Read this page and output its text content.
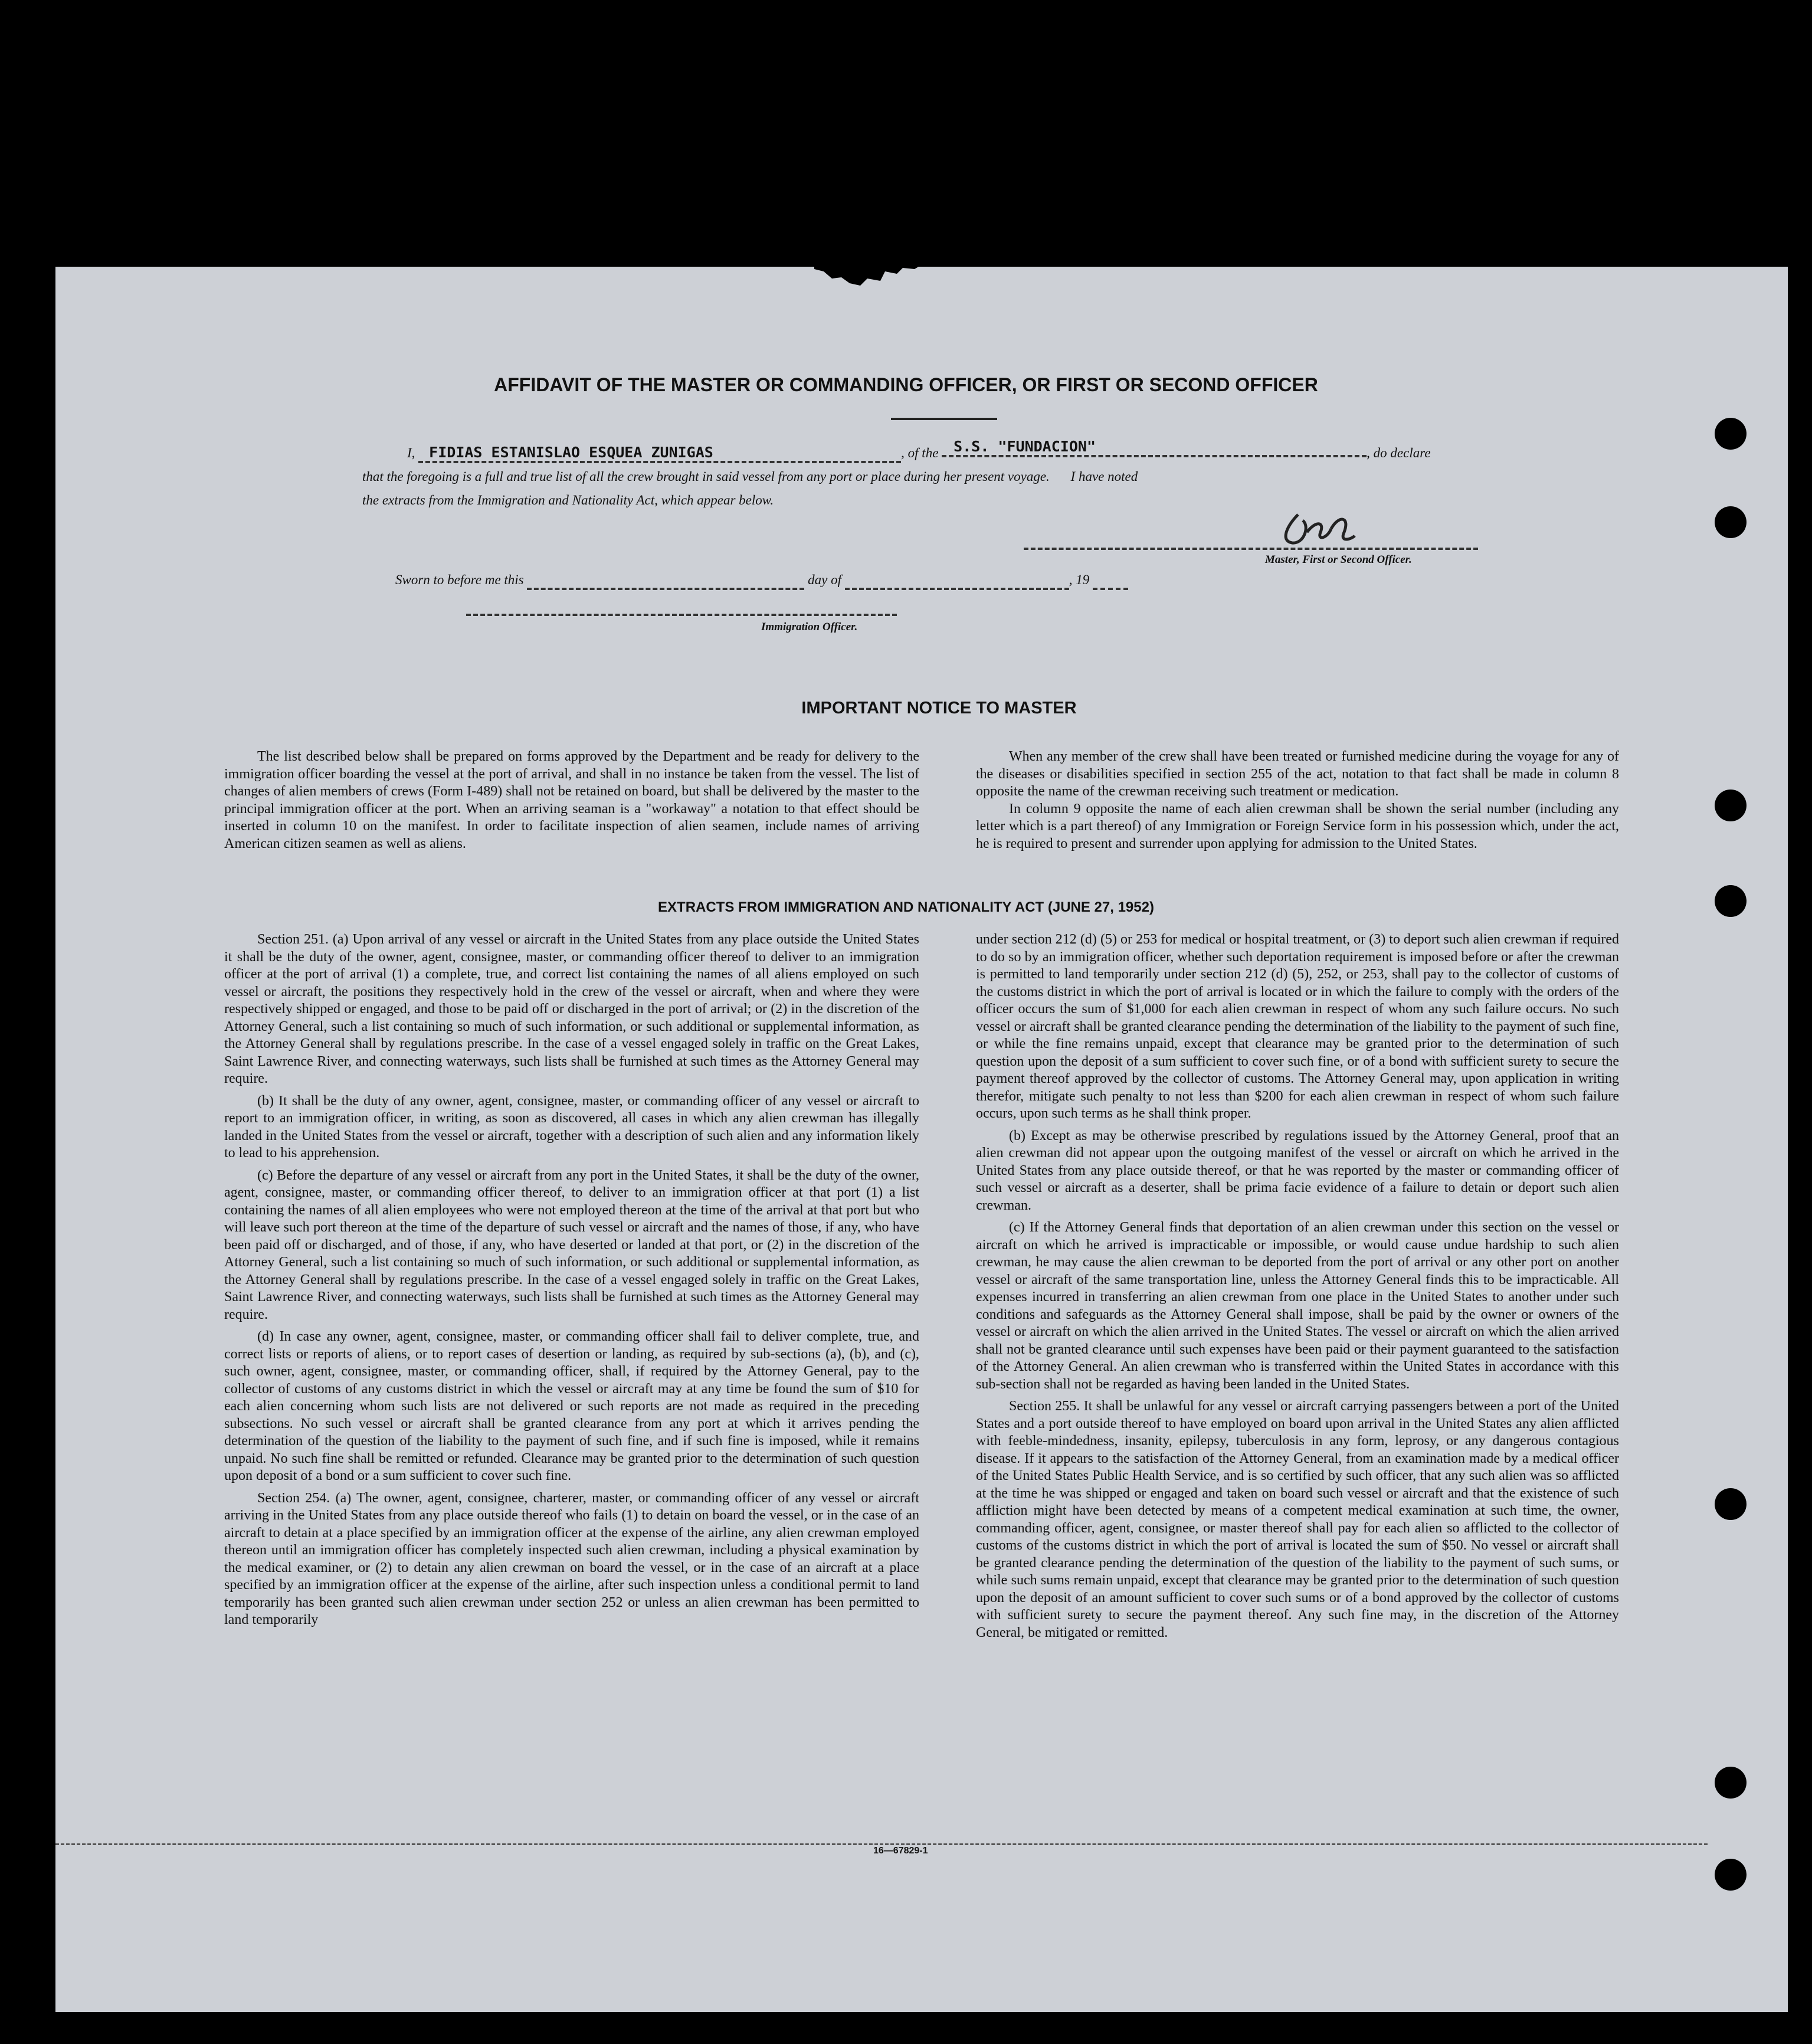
AFFIDAVIT OF THE MASTER OR COMMANDING OFFICER, OR FIRST OR SECOND OFFICER
I, FIDIAS ESTANISLAO ESQUEA ZUNIGAS	, of the S.S. "FUNDACION"	, do declare
that the foregoing is a full and true list of all the crew brought in said vessel from any port or place during her present voyage. I have noted
the extracts from the Immigration and Nationality Act, which appear below.
Master, First or Second Officer.
Sworn to before me this	day of	, 19
Immigration Officer.
IMPORTANT NOTICE TO MASTER

The list described below shall be prepared on forms approved by the Department and be ready for delivery to the immigration officer boarding the vessel at the port of arrival, and shall in no instance be taken from the vessel. The list of changes of alien members of crews (Form I-489) shall not be retained on board, but shall be delivered by the master to the principal immigration officer at the port. When an arriving seaman is a "workaway" a notation to that effect should be inserted in column 10 on the manifest. In order to facilitate inspection of alien seamen, include names of arriving American citizen seamen as well as aliens.

When any member of the crew shall have been treated or furnished medicine during the voyage for any of the diseases or disabilities specified in section 255 of the act, notation to that fact shall be made in column 8 opposite the name of the crewman receiving such treatment or medication.

In column 9 opposite the name of each alien crewman shall be shown the serial number (including any letter which is a part thereof) of any Immigration or Foreign Service form in his possession which, under the act, he is required to present and surrender upon applying for admission to the United States.

EXTRACTS FROM IMMIGRATION AND NATIONALITY ACT (JUNE 27, 1952)

Section 251. (a) Upon arrival of any vessel or aircraft in the United States from any place outside the United States it shall be the duty of the owner, agent, consignee, master, or commanding officer thereof to deliver to an immigration officer at the port of arrival (1) a complete, true, and correct list containing the names of all aliens employed on such vessel or aircraft, the positions they respectively hold in the crew of the vessel or aircraft, when and where they were respectively shipped or engaged, and those to be paid off or discharged in the port of arrival; or (2) in the discretion of the Attorney General, such a list containing so much of such information, or such additional or supplemental information, as the Attorney General shall by regulations prescribe. In the case of a vessel engaged solely in traffic on the Great Lakes, Saint Lawrence River, and connecting waterways, such lists shall be furnished at such times as the Attorney General may require.

(b) It shall be the duty of any owner, agent, consignee, master, or commanding officer of any vessel or aircraft to report to an immigration officer, in writing, as soon as discovered, all cases in which any alien crewman has illegally landed in the United States from the vessel or aircraft, together with a description of such alien and any information likely to lead to his apprehension.

(c) Before the departure of any vessel or aircraft from any port in the United States, it shall be the duty of the owner, agent, consignee, master, or commanding officer thereof, to deliver to an immigration officer at that port (1) a list containing the names of all alien employees who were not employed thereon at the time of the arrival at that port but who will leave such port thereon at the time of the departure of such vessel or aircraft and the names of those, if any, who have been paid off or discharged, and of those, if any, who have deserted or landed at that port, or (2) in the discretion of the Attorney General, such a list containing so much of such information, or such additional or supplemental information, as the Attorney General shall by regulations prescribe. In the case of a vessel engaged solely in traffic on the Great Lakes, Saint Lawrence River, and connecting waterways, such lists shall be furnished at such times as the Attorney General may require.

(d) In case any owner, agent, consignee, master, or commanding officer shall fail to deliver complete, true, and correct lists or reports of aliens, or to report cases of desertion or landing, as required by sub-sections (a), (b), and (c), such owner, agent, consignee, master, or commanding officer, shall, if required by the Attorney General, pay to the collector of customs of any customs district in which the vessel or aircraft may at any time be found the sum of $10 for each alien concerning whom such lists are not delivered or such reports are not made as required in the preceding subsections. No such vessel or aircraft shall be granted clearance from any port at which it arrives pending the determination of the question of the liability to the payment of such fine, and if such fine is imposed, while it remains unpaid. No such fine shall be remitted or refunded. Clearance may be granted prior to the determination of such question upon deposit of a bond or a sum sufficient to cover such fine.

Section 254. (a) The owner, agent, consignee, charterer, master, or commanding officer of any vessel or aircraft arriving in the United States from any place outside thereof who fails (1) to detain on board the vessel, or in the case of an aircraft to detain at a place specified by an immigration officer at the expense of the airline, any alien crewman employed thereon until an immigration officer has completely inspected such alien crewman, including a physical examination by the medical examiner, or (2) to detain any alien crewman on board the vessel, or in the case of an aircraft at a place specified by an immigration officer at the expense of the airline, after such inspection unless a conditional permit to land temporarily has been granted such alien crewman under section 252 or unless an alien crewman has been permitted to land temporarily

under section 212 (d) (5) or 253 for medical or hospital treatment, or (3) to deport such alien crewman if required to do so by an immigration officer, whether such deportation requirement is imposed before or after the crewman is permitted to land temporarily under section 212 (d) (5), 252, or 253, shall pay to the collector of customs of the customs district in which the port of arrival is located or in which the failure to comply with the orders of the officer occurs the sum of $1,000 for each alien crewman in respect of whom any such failure occurs. No such vessel or aircraft shall be granted clearance pending the determination of the liability to the payment of such fine, or while the fine remains unpaid, except that clearance may be granted prior to the determination of such question upon the deposit of a sum sufficient to cover such fine, or of a bond with sufficient surety to secure the payment thereof approved by the collector of customs. The Attorney General may, upon application in writing therefor, mitigate such penalty to not less than $200 for each alien crewman in respect of whom such failure occurs, upon such terms as he shall think proper.

(b) Except as may be otherwise prescribed by regulations issued by the Attorney General, proof that an alien crewman did not appear upon the outgoing manifest of the vessel or aircraft on which he arrived in the United States from any place outside thereof, or that he was reported by the master or commanding officer of such vessel or aircraft as a deserter, shall be prima facie evidence of a failure to detain or deport such alien crewman.

(c) If the Attorney General finds that deportation of an alien crewman under this section on the vessel or aircraft on which he arrived is impracticable or impossible, or would cause undue hardship to such alien crewman, he may cause the alien crewman to be deported from the port of arrival or any other port on another vessel or aircraft of the same transportation line, unless the Attorney General finds this to be impracticable. All expenses incurred in transferring an alien crewman from one place in the United States to another under such conditions and safeguards as the Attorney General shall impose, shall be paid by the owner or owners of the vessel or aircraft on which the alien arrived in the United States. The vessel or aircraft on which the alien arrived shall not be granted clearance until such expenses have been paid or their payment guaranteed to the satisfaction of the Attorney General. An alien crewman who is transferred within the United States in accordance with this sub-section shall not be regarded as having been landed in the United States.

Section 255. It shall be unlawful for any vessel or aircraft carrying passengers between a port of the United States and a port outside thereof to have employed on board upon arrival in the United States any alien afflicted with feeble-mindedness, insanity, epilepsy, tuberculosis in any form, leprosy, or any dangerous contagious disease. If it appears to the satisfaction of the Attorney General, from an examination made by a medical officer of the United States Public Health Service, and is so certified by such officer, that any such alien was so afflicted at the time he was shipped or engaged and taken on board such vessel or aircraft and that the existence of such affliction might have been detected by means of a competent medical examination at such time, the owner, commanding officer, agent, consignee, or master thereof shall pay for each alien so afflicted to the collector of customs of the customs district in which the port of arrival is located the sum of $50. No vessel or aircraft shall be granted clearance pending the determination of the question of the liability to the payment of such sums, or while such sums remain unpaid, except that clearance may be granted prior to the determination of such question upon the deposit of an amount sufficient to cover such sums or of a bond approved by the collector of customs with sufficient surety to secure the payment thereof. Any such fine may, in the discretion of the Attorney General, be mitigated or remitted.

16—67829-1
